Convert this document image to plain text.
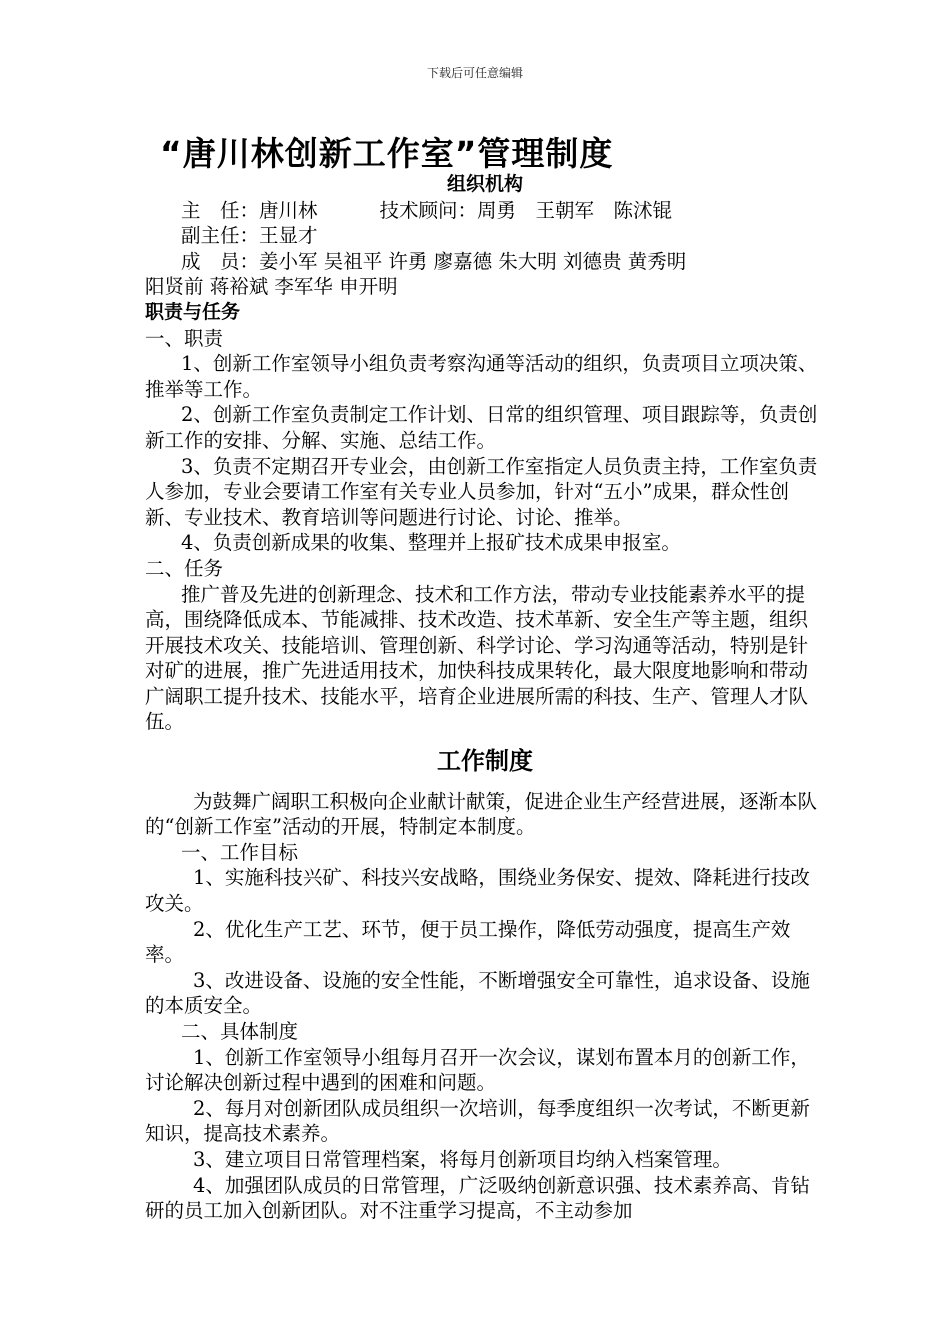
下载后可任意编辑
“唐川林创新工作室”管理制度

组织机构

主　任：唐川林	技术顾问：周勇　王朝军　陈沭锟

副主任：王显才

成　员：姜小军 吴祖平 许勇 廖嘉德 朱大明 刘德贵 黄秀明

阳贤前 蒋裕斌 李军华 申开明

职责与任务

一、职责

1、创新工作室领导小组负责考察沟通等活动的组织，负责项目立项决策、推举等工作。

2、创新工作室负责制定工作计划、日常的组织管理、项目跟踪等，负责创新工作的安排、分解、实施、总结工作。

3、负责不定期召开专业会，由创新工作室指定人员负责主持，工作室负责人参加，专业会要请工作室有关专业人员参加，针对“五小”成果，群众性创新、专业技术、教育培训等问题进行讨论、讨论、推举。

4、负责创新成果的收集、整理并上报矿技术成果申报室。

二、任务

推广普及先进的创新理念、技术和工作方法，带动专业技能素养水平的提高，围绕降低成本、节能减排、技术改造、技术革新、安全生产等主题，组织开展技术攻关、技能培训、管理创新、科学讨论、学习沟通等活动，特别是针对矿的进展，推广先进适用技术，加快科技成果转化，最大限度地影响和带动广阔职工提升技术、技能水平，培育企业进展所需的科技、生产、管理人才队伍。

工作制度

为鼓舞广阔职工积极向企业献计献策，促进企业生产经营进展，逐渐本队的“创新工作室”活动的开展，特制定本制度。

一、工作目标

1、实施科技兴矿、科技兴安战略，围绕业务保安、提效、降耗进行技改攻关。

2、优化生产工艺、环节，便于员工操作，降低劳动强度，提高生产效率。

3、改进设备、设施的安全性能，不断增强安全可靠性，追求设备、设施的本质安全。

二、具体制度

1、创新工作室领导小组每月召开一次会议，谋划布置本月的创新工作，讨论解决创新过程中遇到的困难和问题。

2、每月对创新团队成员组织一次培训，每季度组织一次考试，不断更新知识，提高技术素养。

3、建立项目日常管理档案，将每月创新项目均纳入档案管理。

4、加强团队成员的日常管理，广泛吸纳创新意识强、技术素养高、肯钻研的员工加入创新团队。对不注重学习提高，不主动参加
